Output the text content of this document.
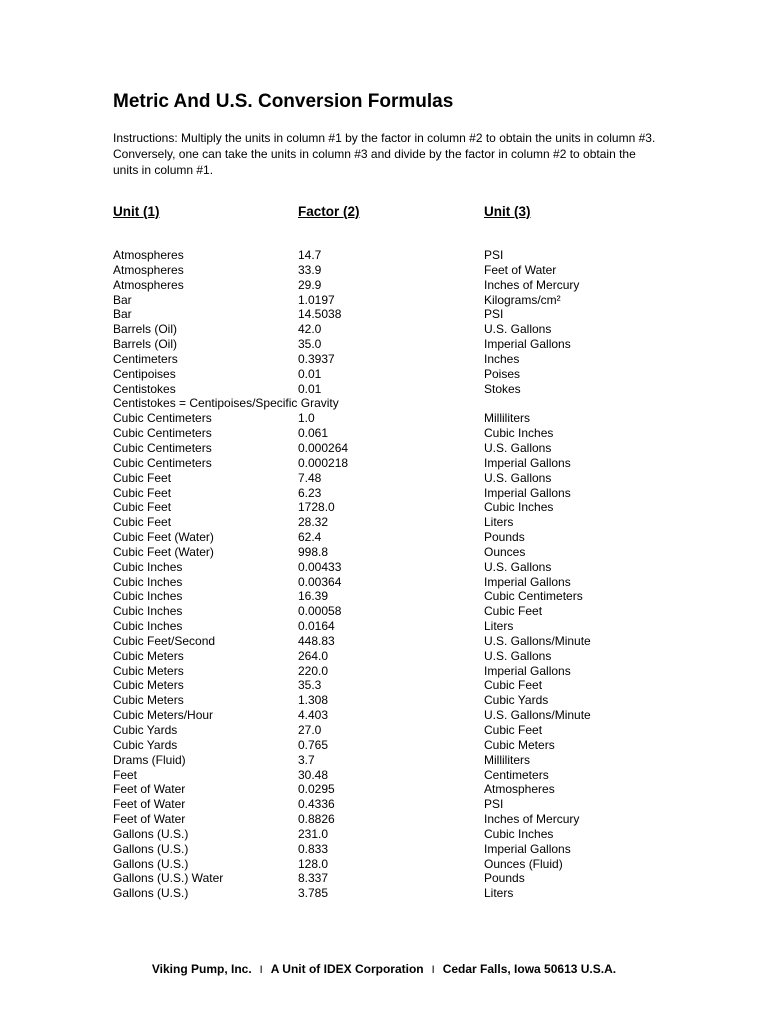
Metric And U.S. Conversion Formulas
Instructions: Multiply the units in column #1 by the factor in column #2 to obtain the units in column #3. Conversely, one can take the units in column #3 and divide by the factor in column #2 to obtain the units in column #1.
Unit (1)	Factor (2)	Unit (3)
Atmospheres	14.7	PSI
Atmospheres	33.9	Feet of Water
Atmospheres	29.9	Inches of Mercury
Bar	1.0197	Kilograms/cm²
Bar	14.5038	PSI
Barrels (Oil)	42.0	U.S. Gallons
Barrels (Oil)	35.0	Imperial Gallons
Centimeters	0.3937	Inches
Centipoises	0.01	Poises
Centistokes	0.01	Stokes
Centistokes = Centipoises/Specific Gravity
Cubic Centimeters	1.0	Milliliters
Cubic Centimeters	0.061	Cubic Inches
Cubic Centimeters	0.000264	U.S. Gallons
Cubic Centimeters	0.000218	Imperial Gallons
Cubic Feet	7.48	U.S. Gallons
Cubic Feet	6.23	Imperial Gallons
Cubic Feet	1728.0	Cubic Inches
Cubic Feet	28.32	Liters
Cubic Feet (Water)	62.4	Pounds
Cubic Feet (Water)	998.8	Ounces
Cubic Inches	0.00433	U.S. Gallons
Cubic Inches	0.00364	Imperial Gallons
Cubic Inches	16.39	Cubic Centimeters
Cubic Inches	0.00058	Cubic Feet
Cubic Inches	0.0164	Liters
Cubic Feet/Second	448.83	U.S. Gallons/Minute
Cubic Meters	264.0	U.S. Gallons
Cubic Meters	220.0	Imperial Gallons
Cubic Meters	35.3	Cubic Feet
Cubic Meters	1.308	Cubic Yards
Cubic Meters/Hour	4.403	U.S. Gallons/Minute
Cubic Yards	27.0	Cubic Feet
Cubic Yards	0.765	Cubic Meters
Drams (Fluid)	3.7	Milliliters
Feet	30.48	Centimeters
Feet of Water	0.0295	Atmospheres
Feet of Water	0.4336	PSI
Feet of Water	0.8826	Inches of Mercury
Gallons (U.S.)	231.0	Cubic Inches
Gallons (U.S.)	0.833	Imperial Gallons
Gallons (U.S.)	128.0	Ounces (Fluid)
Gallons (U.S.) Water	8.337	Pounds
Gallons (U.S.)	3.785	Liters
Viking Pump, Inc. I A Unit of IDEX Corporation I Cedar Falls, Iowa 50613 U.S.A.
